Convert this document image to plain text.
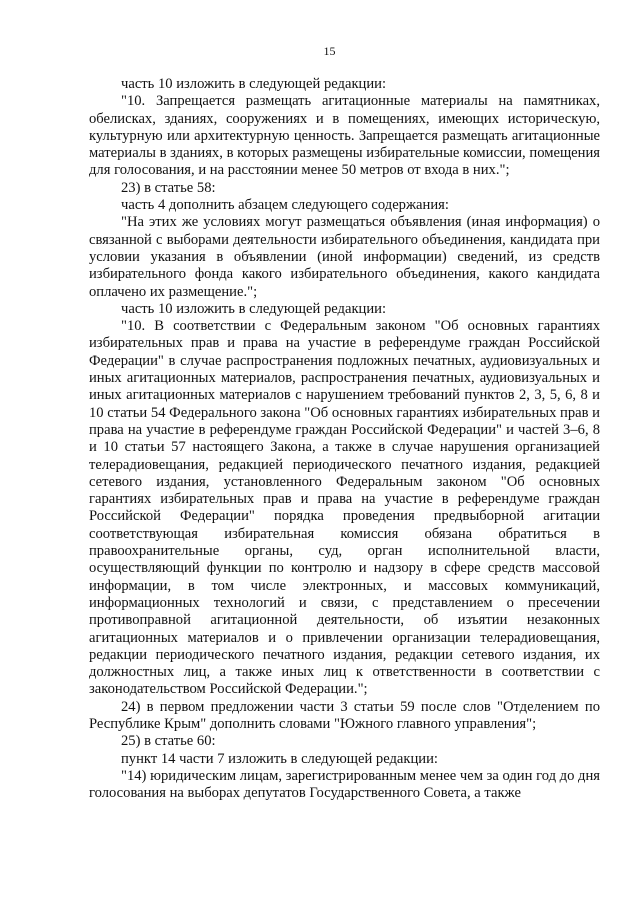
15

часть 10 изложить в следующей редакции:

"10. Запрещается размещать агитационные материалы на памятниках, обелисках, зданиях, сооружениях и в помещениях, имеющих историческую, культурную или архитектурную ценность. Запрещается размещать агитационные материалы в зданиях, в которых размещены избирательные комиссии, помещения для голосования, и на расстоянии менее 50 метров от входа в них.";

23) в статье 58:

часть 4 дополнить абзацем следующего содержания:

"На этих же условиях могут размещаться объявления (иная информация) о связанной с выборами деятельности избирательного объединения, кандидата при условии указания в объявлении (иной информации) сведений, из средств избирательного фонда какого избирательного объединения, какого кандидата оплачено их размещение.";

часть 10 изложить в следующей редакции:

"10. В соответствии с Федеральным законом "Об основных гарантиях избирательных прав и права на участие в референдуме граждан Российской Федерации" в случае распространения подложных печатных, аудиовизуальных и иных агитационных материалов, распространения печатных, аудиовизуальных и иных агитационных материалов с нарушением требований пунктов 2, 3, 5, 6, 8 и 10 статьи 54 Федерального закона "Об основных гарантиях избирательных прав и права на участие в референдуме граждан Российской Федерации" и частей 3–6, 8 и 10 статьи 57 настоящего Закона, а также в случае нарушения организацией телерадиовещания, редакцией периодического печатного издания, редакцией сетевого издания, установленного Федеральным законом "Об основных гарантиях избирательных прав и права на участие в референдуме граждан Российской Федерации" порядка проведения предвыборной агитации соответствующая избирательная комиссия обязана обратиться в правоохранительные органы, суд, орган исполнительной власти, осуществляющий функции по контролю и надзору в сфере средств массовой информации, в том числе электронных, и массовых коммуникаций, информационных технологий и связи, с представлением о пресечении противоправной агитационной деятельности, об изъятии незаконных агитационных материалов и о привлечении организации телерадиовещания, редакции периодического печатного издания, редакции сетевого издания, их должностных лиц, а также иных лиц к ответственности в соответствии с законодательством Российской Федерации.";

24) в первом предложении части 3 статьи 59 после слов "Отделением по Республике Крым" дополнить словами "Южного главного управления";

25) в статье 60:

пункт 14 части 7 изложить в следующей редакции:

"14) юридическим лицам, зарегистрированным менее чем за один год до дня голосования на выборах депутатов Государственного Совета, а также
